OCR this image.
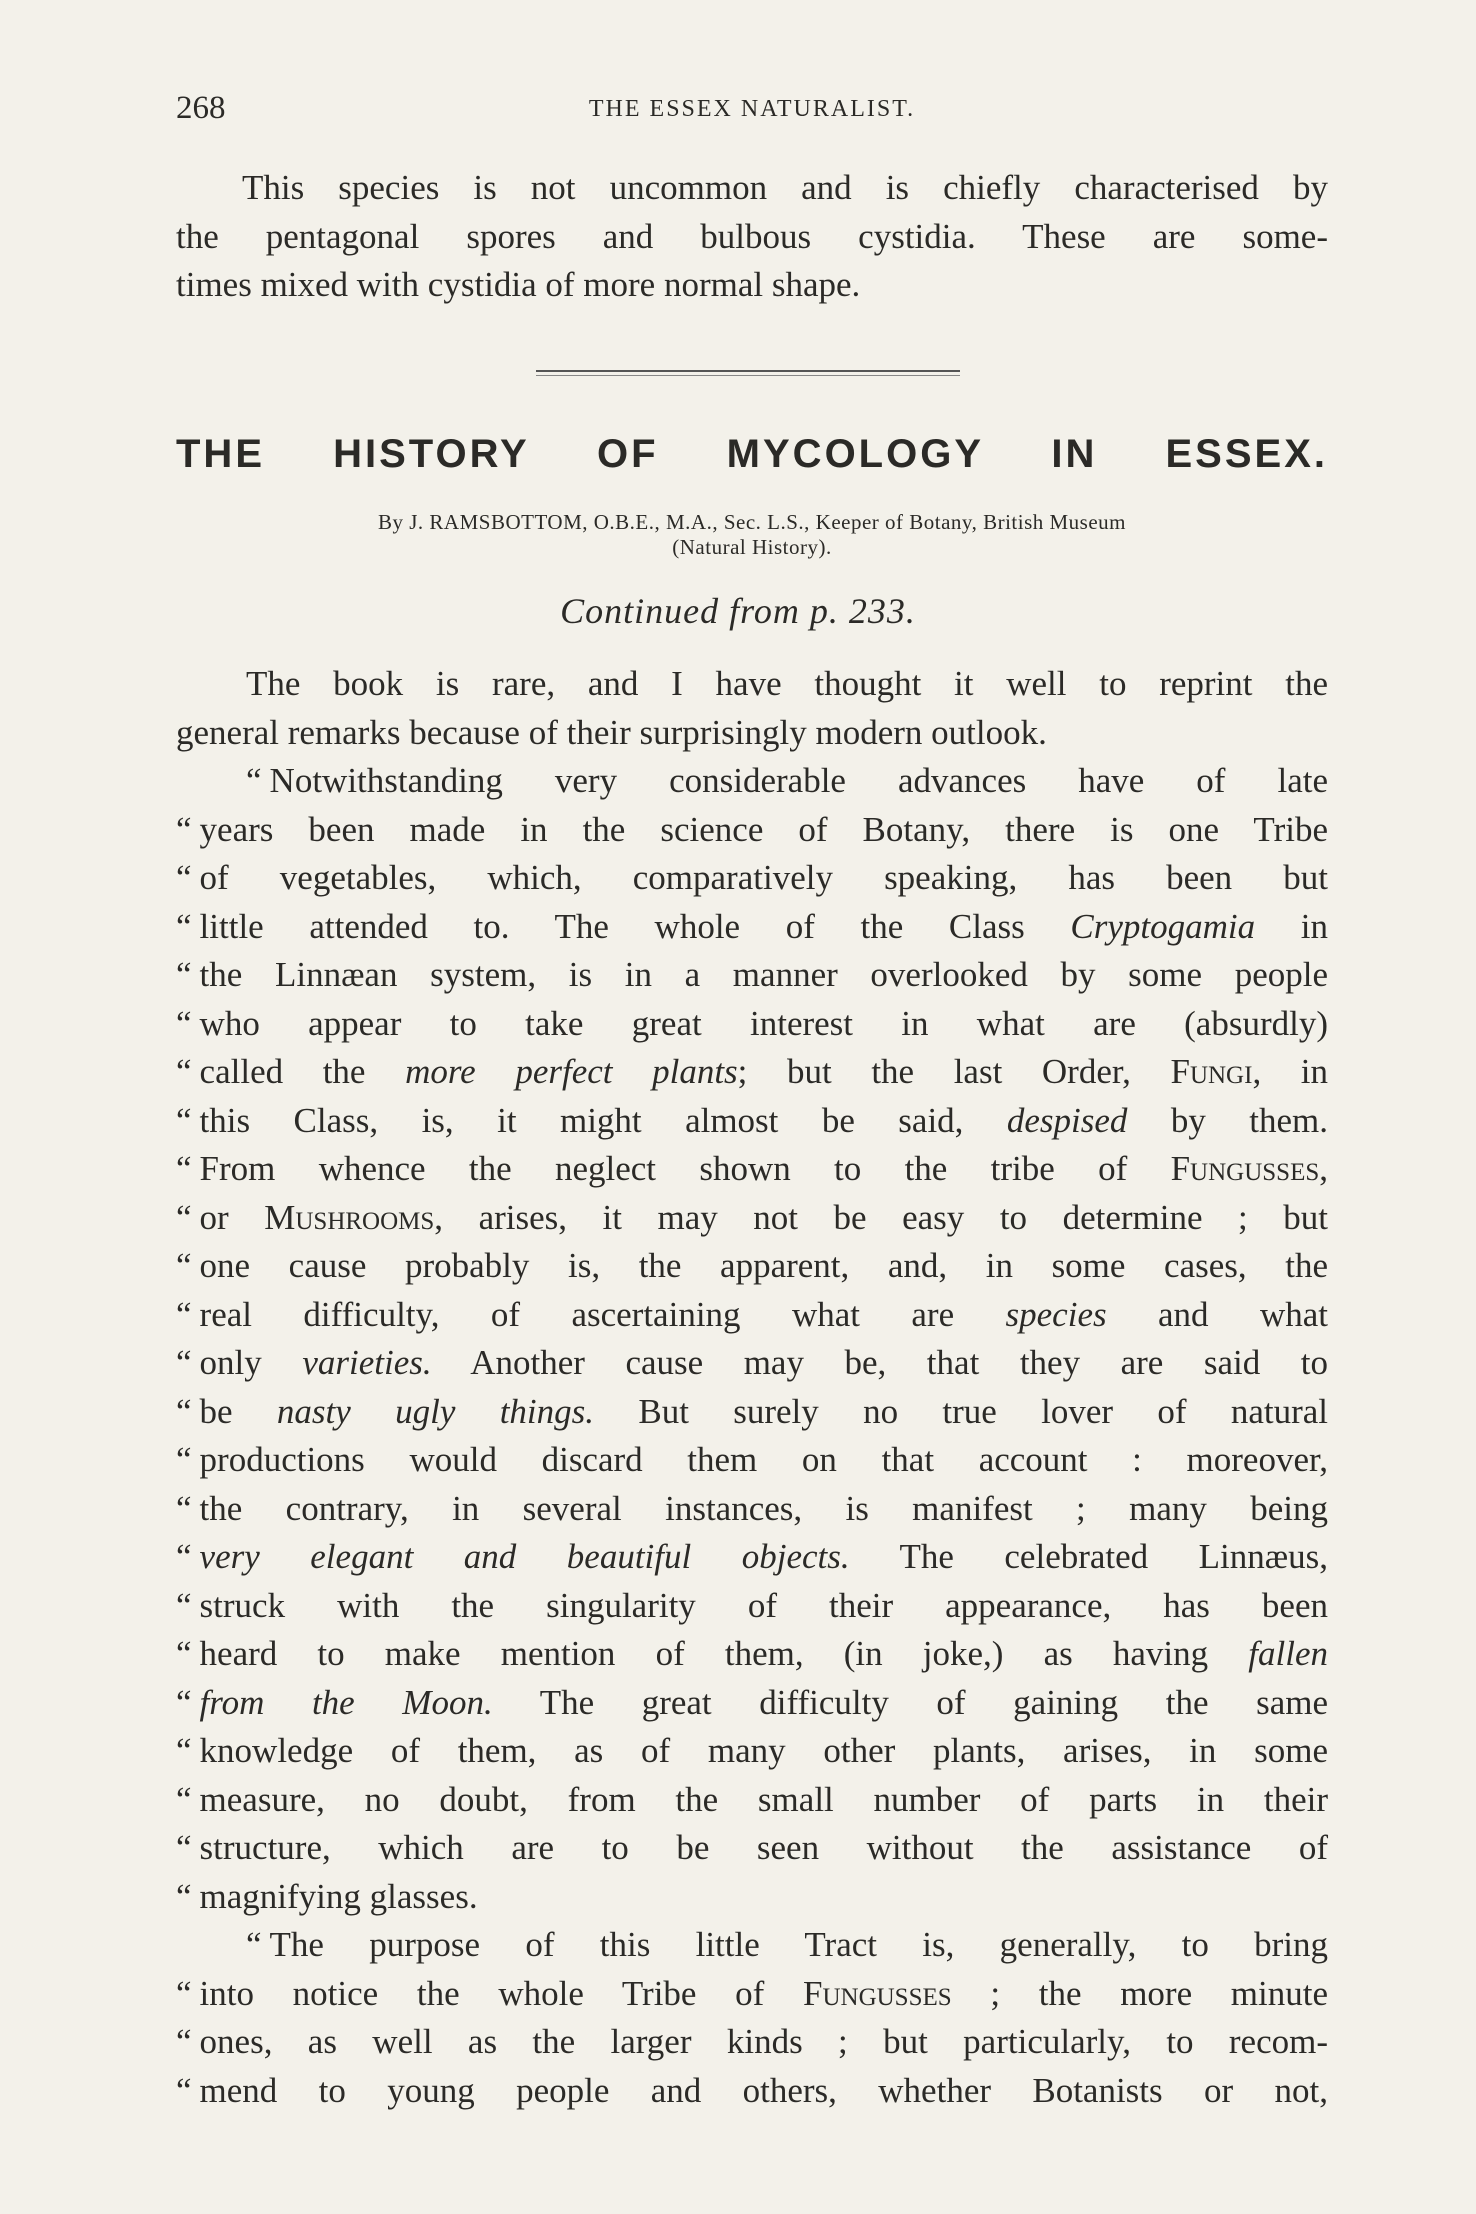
268	THE ESSEX NATURALIST.
This species is not uncommon and is chiefly characterised by
the pentagonal spores and bulbous cystidia. These are some-
times mixed with cystidia of more normal shape.
THE HISTORY OF MYCOLOGY IN ESSEX.
By J. RAMSBOTTOM, O.B.E., M.A., Sec. L.S., Keeper of Botany, British Museum
(Natural History).
Continued from p. 233.
The book is rare, and I have thought it well to reprint the
general remarks because of their surprisingly modern outlook.
“ Notwithstanding very considerable advances have of late
“ years been made in the science of Botany, there is one Tribe
“ of vegetables, which, comparatively speaking, has been but
“ little attended to. The whole of the Class Cryptogamia in
“ the Linnæan system, is in a manner overlooked by some people
“ who appear to take great interest in what are (absurdly)
“ called the more perfect plants; but the last Order, Fungi, in
“ this Class, is, it might almost be said, despised by them.
“ From whence the neglect shown to the tribe of Fungusses,
“ or Mushrooms, arises, it may not be easy to determine ; but
“ one cause probably is, the apparent, and, in some cases, the
“ real difficulty, of ascertaining what are species and what
“ only varieties. Another cause may be, that they are said to
“ be nasty ugly things. But surely no true lover of natural
“ productions would discard them on that account : moreover,
“ the contrary, in several instances, is manifest ; many being
“ very elegant and beautiful objects. The celebrated Linnæus,
“ struck with the singularity of their appearance, has been
“ heard to make mention of them, (in joke,) as having fallen
“ from the Moon. The great difficulty of gaining the same
“ knowledge of them, as of many other plants, arises, in some
“ measure, no doubt, from the small number of parts in their
“ structure, which are to be seen without the assistance of
“ magnifying glasses.
“ The purpose of this little Tract is, generally, to bring
“ into notice the whole Tribe of Fungusses ; the more minute
“ ones, as well as the larger kinds ; but particularly, to recom-
“ mend to young people and others, whether Botanists or not,
